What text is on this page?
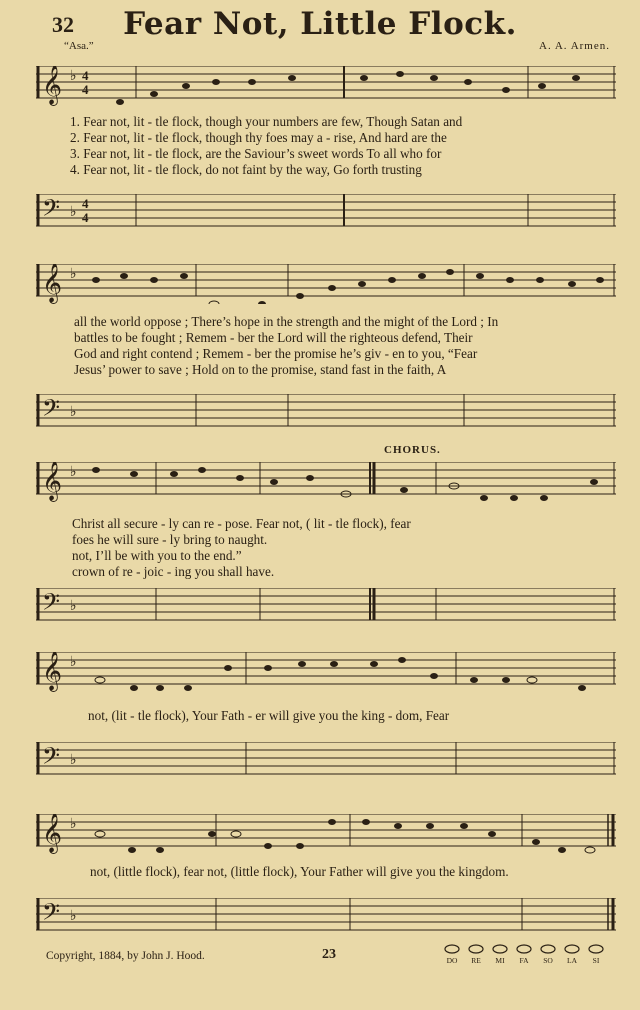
32	Fear Not, Little Flock.
“Asa.”	A. A. Armen.
𝄞 ♭ 4
4
1. Fear not, lit - tle flock, though your numbers are few, Though Satan and
2. Fear not, lit - tle flock, though thy foes may a - rise, And hard are the
3. Fear not, lit - tle flock, are the Saviour’s sweet words To all who for
4. Fear not, lit - tle flock, do not faint by the way, Go forth trusting
𝄢 ♭
4
4
𝄞 ♭
all the world oppose ; There’s hope in the strength and the might of the Lord ; In
battles to be fought ; Remem - ber the Lord will the righteous defend, Their
God and right contend ; Remem - ber the promise he’s giv - en to you, “Fear
Jesus’ power to save ; Hold on to the promise, stand fast in the faith, A
𝄢 ♭
CHORUS.
𝄞 ♭
Christ all secure - ly can re - pose. Fear not, ( lit - tle flock), fear
foes he will sure - ly bring to naught.
not, I’ll be with you to the end.”
crown of re - joic - ing you shall have.
𝄢 ♭
𝄞 ♭
not, (lit - tle flock), Your Fath - er will give you the king - dom, Fear
𝄢 ♭
𝄞 ♭
not, (little flock), fear not, (little flock), Your Father will give you the kingdom.
𝄢 ♭
Copyright, 1884, by John J. Hood.	23	DO	RE	MI	FA	SO	LA	SI
